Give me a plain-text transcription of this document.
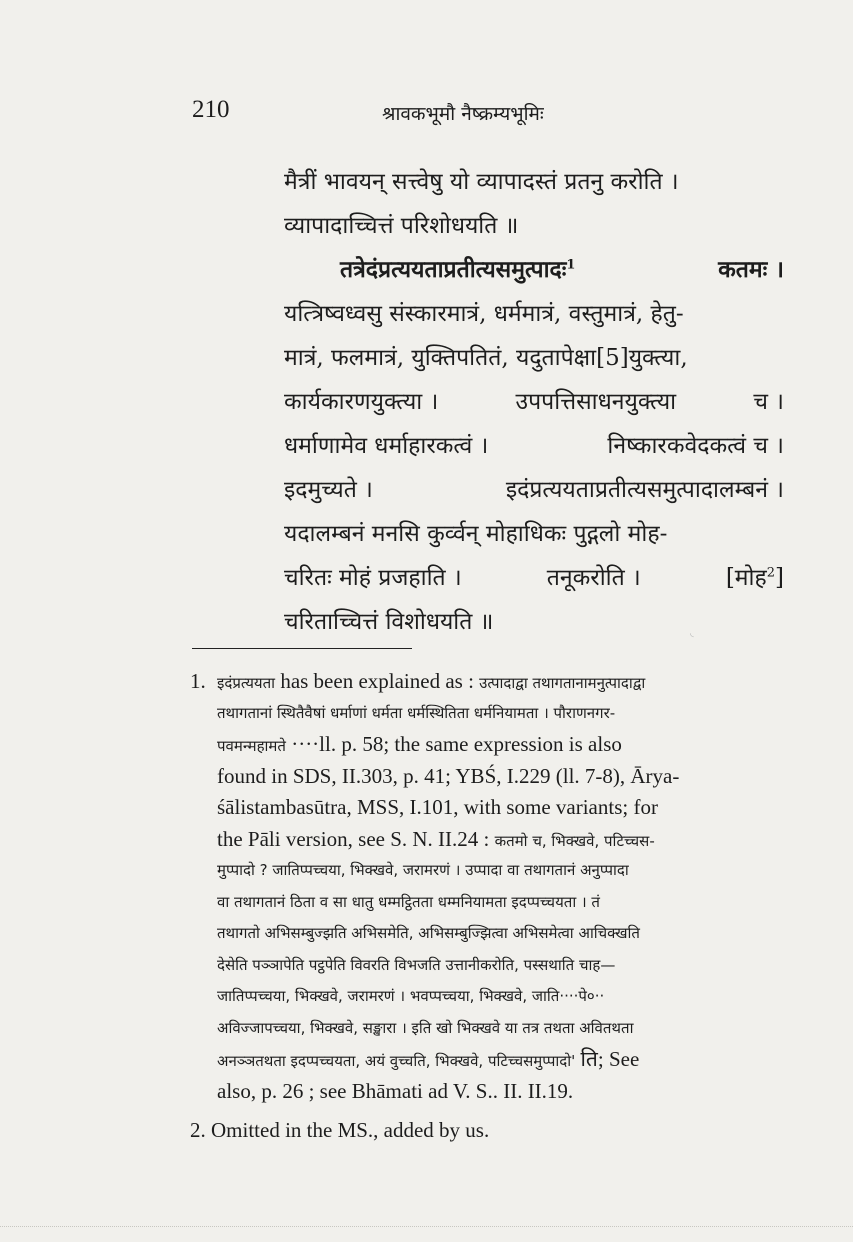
210	श्रावकभूमौ नैष्क्रम्यभूमिः
मैत्रीं भावयन् सत्त्वेषु यो व्यापादस्तं प्रतनु करोति ।
व्यापादाच्चित्तं परिशोधयति ॥
तत्रेदंप्रत्ययताप्रतीत्यसमुत्पादः$^1$	कतमः ।
यत्त्रिष्वध्वसु संस्कारमात्रं, धर्ममात्रं, वस्तुमात्रं, हेतु-
मात्रं, फलमात्रं, युक्तिपतितं, यदुतापेक्षा[5]युक्त्या,
कार्यकारणयुक्त्या ।	उपपत्तिसाधनयुक्त्या	च ।
धर्माणामेव धर्माहारकत्वं ।	निष्कारकवेदकत्वं च ।
इदमुच्यते ।	इदंप्रत्ययताप्रतीत्यसमुत्पादालम्बनं ।
यदालम्बनं मनसि कुर्व्वन् मोहाधिकः पुद्गलो मोह-
चरितः मोहं प्रजहाति ।	तनूकरोति ।	[मोह$^2$]
चरिताच्चित्तं विशोधयति ॥	◟
1. इदंप्रत्ययता has been explained as : उत्पादाद्वा तथागतानामनुत्पादाद्वा
तथागतानां स्थितैवैषां धर्माणां धर्मता धर्मस्थितिता धर्मनियामता । पौराणनगर-
पवमन्महामते ····ll. p. 58; the same expression is also
found in SDS, II.303, p. 41; YBŚ, I.229 (ll. 7-8), Ārya-
śālistambasūtra, MSS, I.101, with some variants; for
the Pāli version, see S. N. II.24 : कतमो च, भिक्खवे, पटिच्चस-
मुप्पादो ? जातिप्पच्चया, भिक्खवे, जरामरणं । उप्पादा वा तथागतानं अनुप्पादा
वा तथागतानं ठिता व सा धातु धम्मट्ठितता धम्मनियामता इदप्पच्चयता । तं
तथागतो अभिसम्बुज्झति अभिसमेति, अभिसम्बुज्झित्वा अभिसमेत्वा आचिक्खति
देसेति पञ्ञापेति पट्ठपेति विवरति विभजति उत्तानीकरोति, पस्सथाति चाह—
जातिप्पच्चया, भिक्खवे, जरामरणं । भवप्पच्चया, भिक्खवे, जाति····पे०··
अविज्जापच्चया, भिक्खवे, सङ्खारा । इति खो भिक्खवे या तत्र तथता अवितथता
अनञ्ञतथता इदप्पच्चयता, अयं वुच्चति, भिक्खवे, पटिच्चसमुप्पादो' ति; See
also, p. 26 ; see Bhāmati ad V. S.. II. II.19.
2. Omitted in the MS., added by us.
